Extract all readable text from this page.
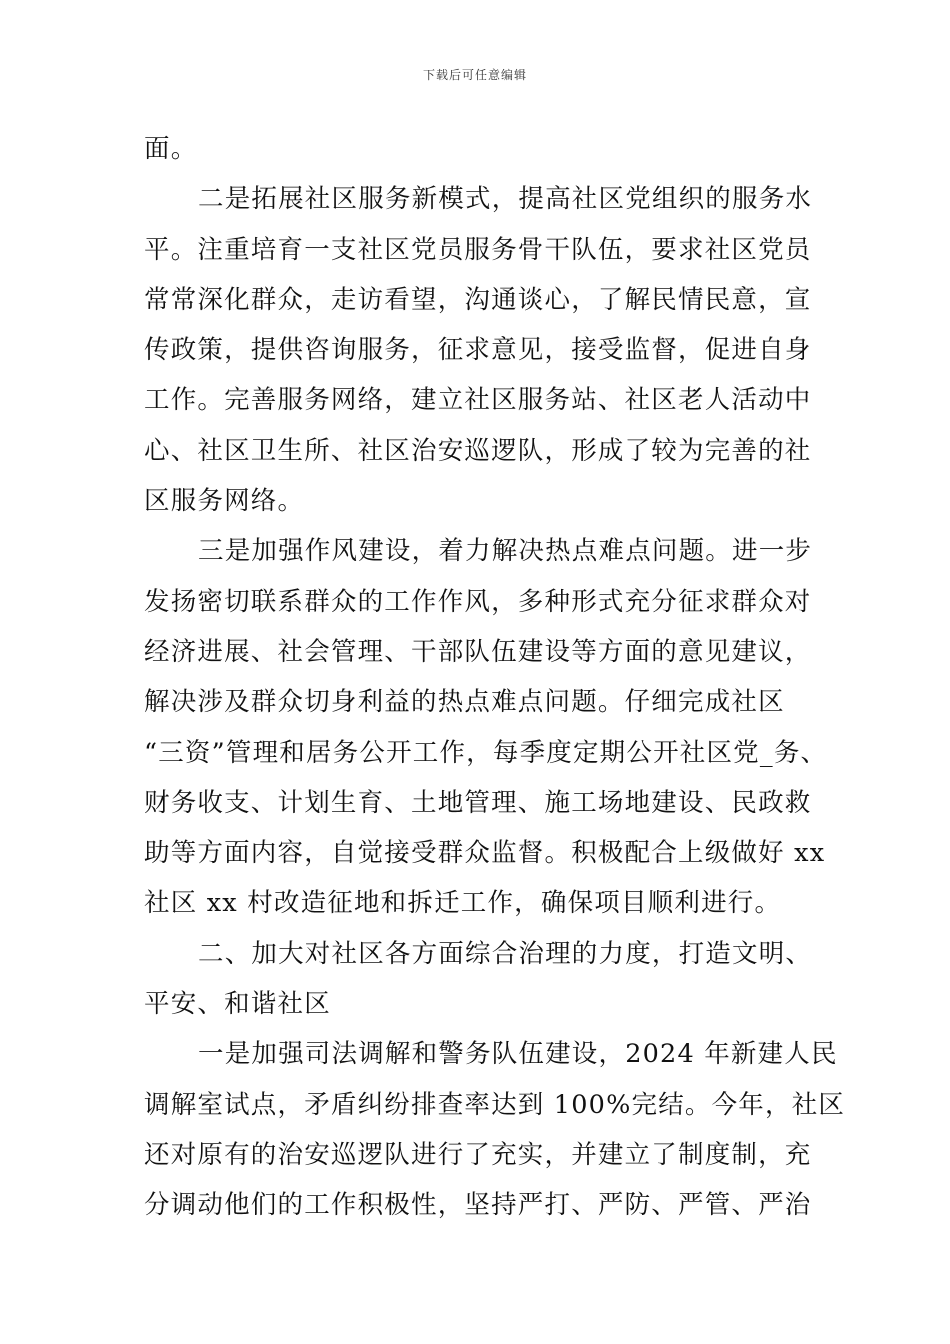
下载后可任意编辑
面。
二是拓展社区服务新模式，提高社区党组织的服务水
平。注重培育一支社区党员服务骨干队伍，要求社区党员
常常深化群众，走访看望，沟通谈心，了解民情民意，宣
传政策，提供咨询服务，征求意见，接受监督，促进自身
工作。完善服务网络，建立社区服务站、社区老人活动中
心、社区卫生所、社区治安巡逻队，形成了较为完善的社
区服务网络。
三是加强作风建设，着力解决热点难点问题。进一步
发扬密切联系群众的工作作风，多种形式充分征求群众对
经济进展、社会管理、干部队伍建设等方面的意见建议，
解决涉及群众切身利益的热点难点问题。仔细完成社区
“三资”管理和居务公开工作，每季度定期公开社区党_务、
财务收支、计划生育、土地管理、施工场地建设、民政救
助等方面内容，自觉接受群众监督。积极配合上级做好 xx
社区 xx 村改造征地和拆迁工作，确保项目顺利进行。
二、加大对社区各方面综合治理的力度，打造文明、
平安、和谐社区
一是加强司法调解和警务队伍建设，2024 年新建人民
调解室试点，矛盾纠纷排查率达到 100%完结。今年，社区
还对原有的治安巡逻队进行了充实，并建立了制度制，充
分调动他们的工作积极性，坚持严打、严防、严管、严治
